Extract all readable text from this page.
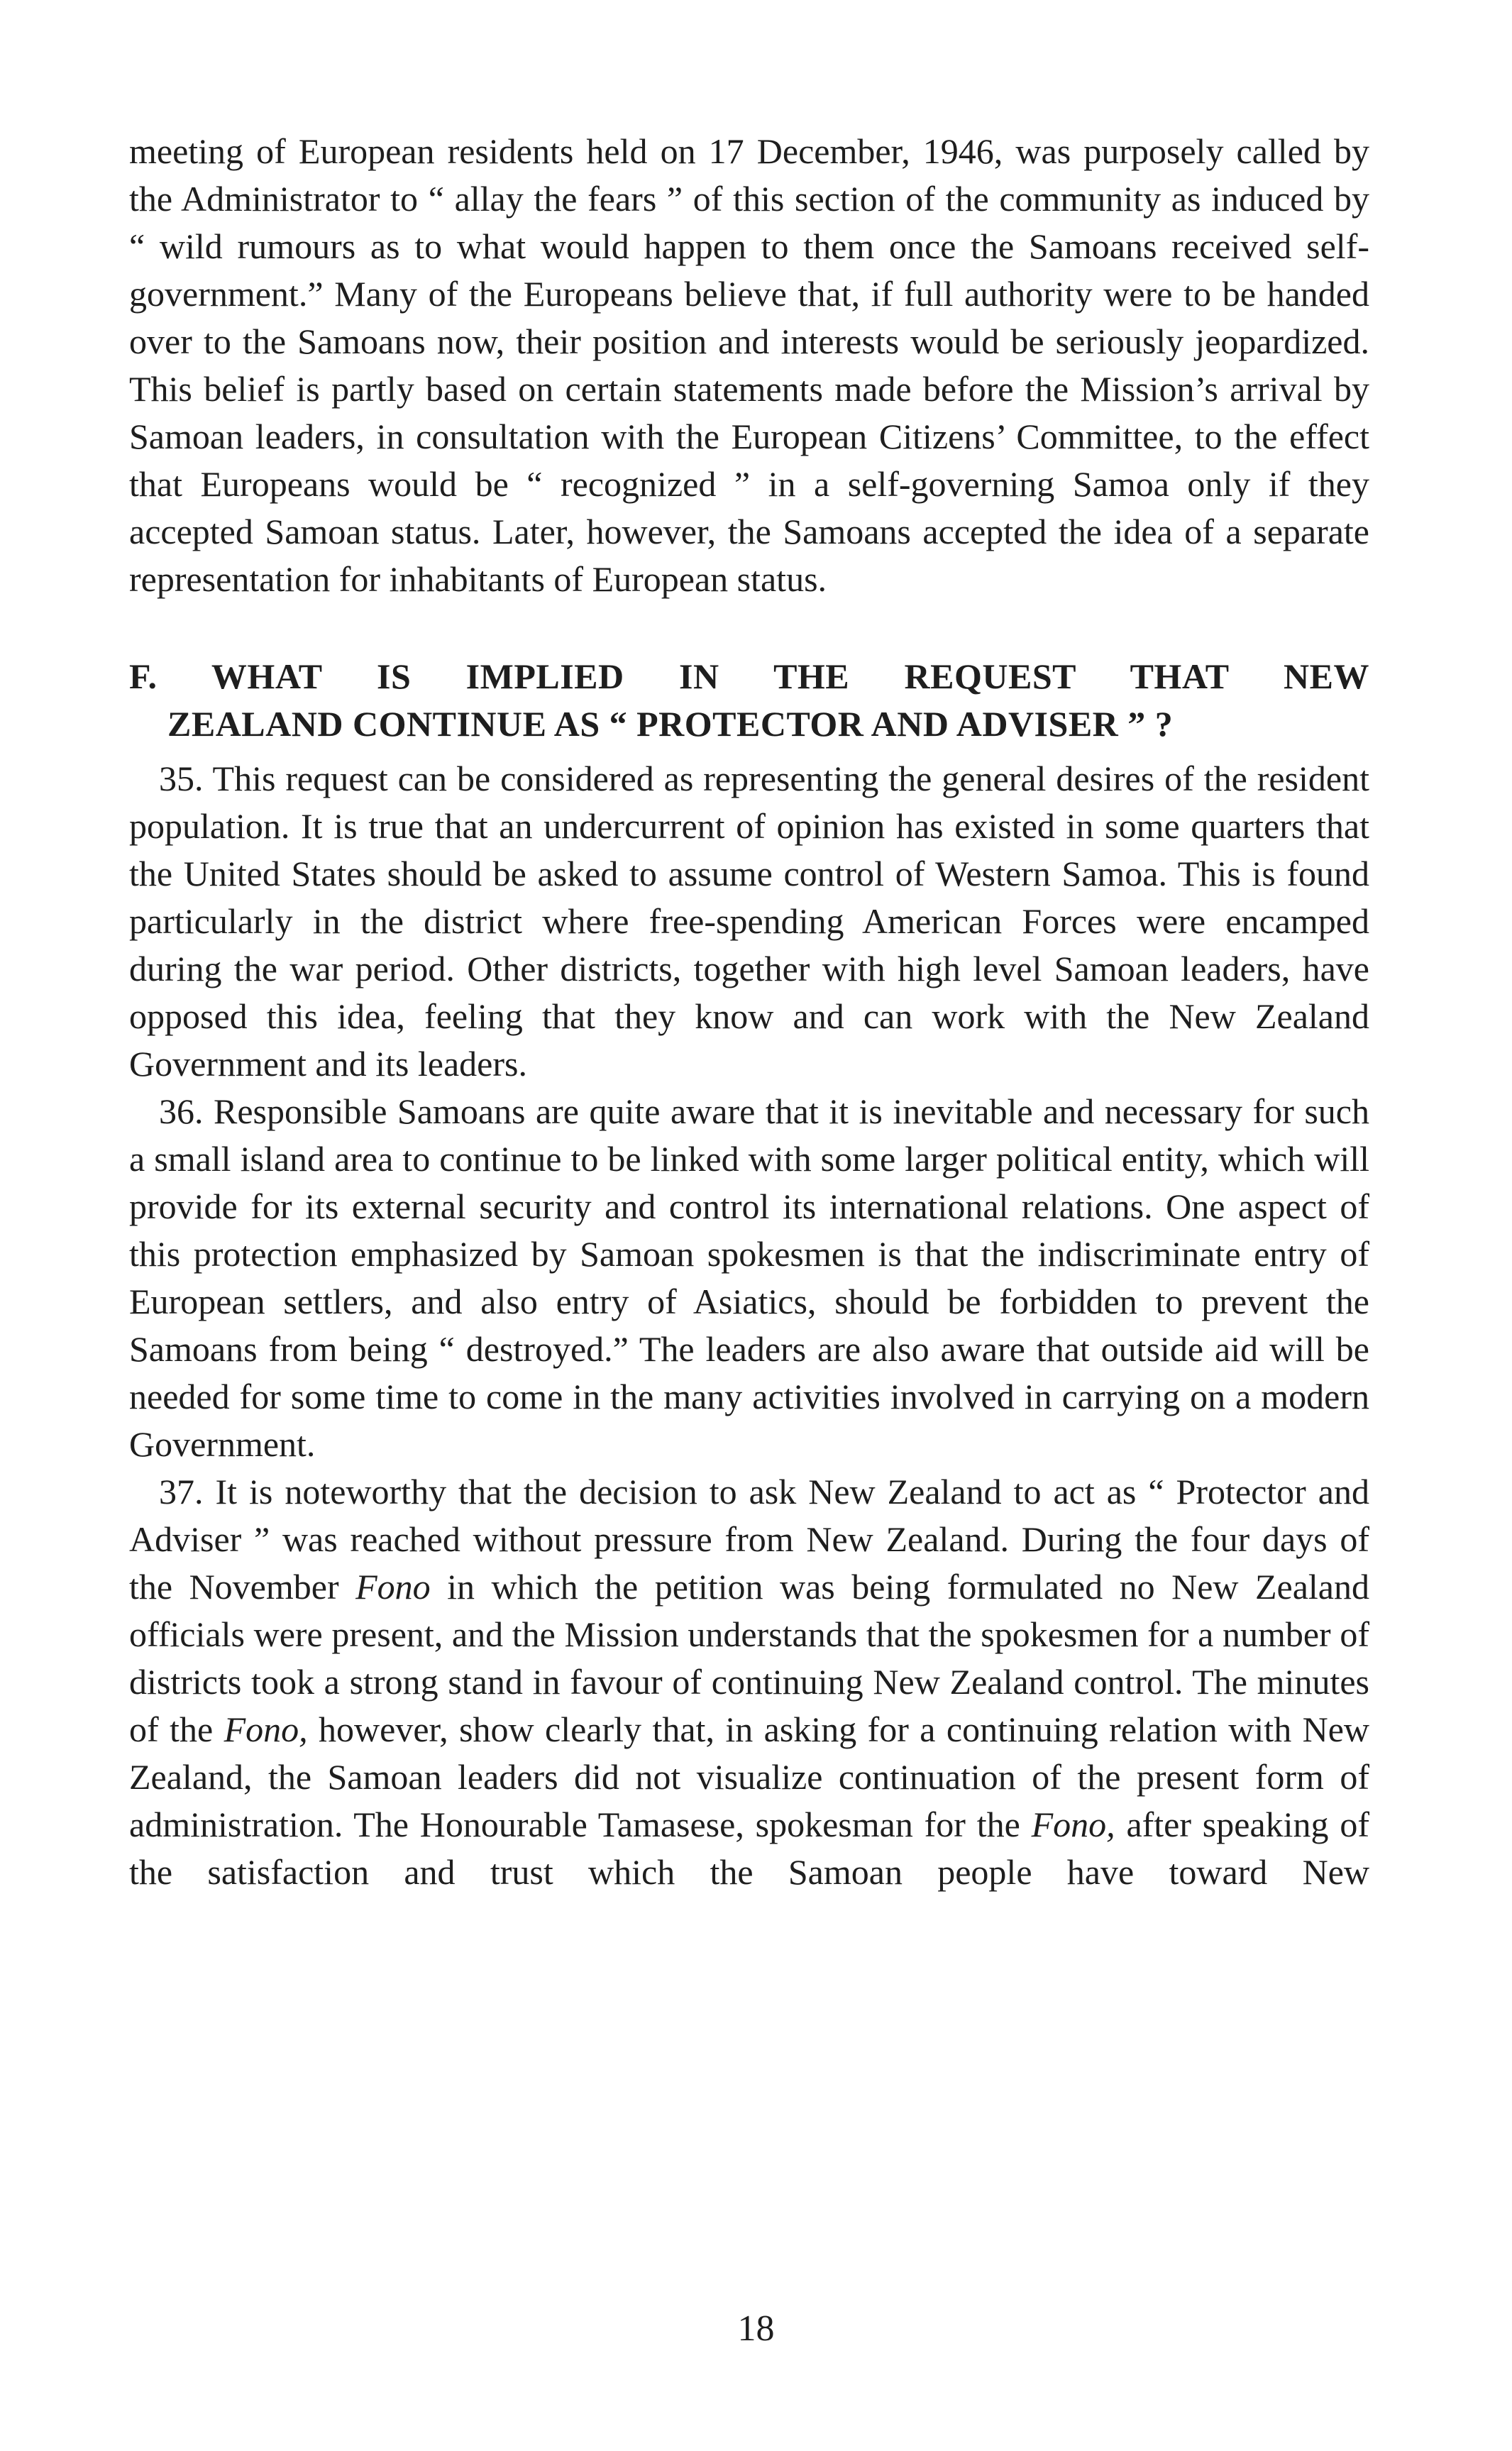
meeting of European residents held on 17 December, 1946, was purposely called by the Administrator to “ allay the fears ” of this section of the community as induced by “ wild rumours as to what would happen to them once the Samoans received self-government.” Many of the Europeans believe that, if full authority were to be handed over to the Samoans now, their position and interests would be seriously jeopardized. This belief is partly based on certain statements made before the Mission’s arrival by Samoan leaders, in consultation with the European Citizens’ Committee, to the effect that Europeans would be “ recognized ” in a self-governing Samoa only if they accepted Samoan status. Later, however, the Samoans accepted the idea of a separate representation for inhabitants of European status.

F. WHAT IS IMPLIED IN THE REQUEST THAT NEW
ZEALAND CONTINUE AS “ PROTECTOR AND ADVISER ” ?

35. This request can be considered as representing the general desires of the resident population. It is true that an undercurrent of opinion has existed in some quarters that the United States should be asked to assume control of Western Samoa. This is found particularly in the district where free-spending American Forces were encamped during the war period. Other districts, together with high level Samoan leaders, have opposed this idea, feeling that they know and can work with the New Zealand Government and its leaders.

36. Responsible Samoans are quite aware that it is inevitable and necessary for such a small island area to continue to be linked with some larger political entity, which will provide for its external security and control its international relations. One aspect of this protection emphasized by Samoan spokesmen is that the indiscriminate entry of European settlers, and also entry of Asiatics, should be forbidden to prevent the Samoans from being “ destroyed.” The leaders are also aware that outside aid will be needed for some time to come in the many activities involved in carrying on a modern Government.

37. It is noteworthy that the decision to ask New Zealand to act as “ Protector and Adviser ” was reached without pressure from New Zealand. During the four days of the November Fono in which the petition was being formulated no New Zealand officials were present, and the Mission understands that the spokesmen for a number of districts took a strong stand in favour of continuing New Zealand control. The minutes of the Fono, however, show clearly that, in asking for a continuing relation with New Zealand, the Samoan leaders did not visualize continuation of the present form of administration. The Honourable Tamasese, spokesman for the Fono, after speaking of the satisfaction and trust which the Samoan people have toward New

18
